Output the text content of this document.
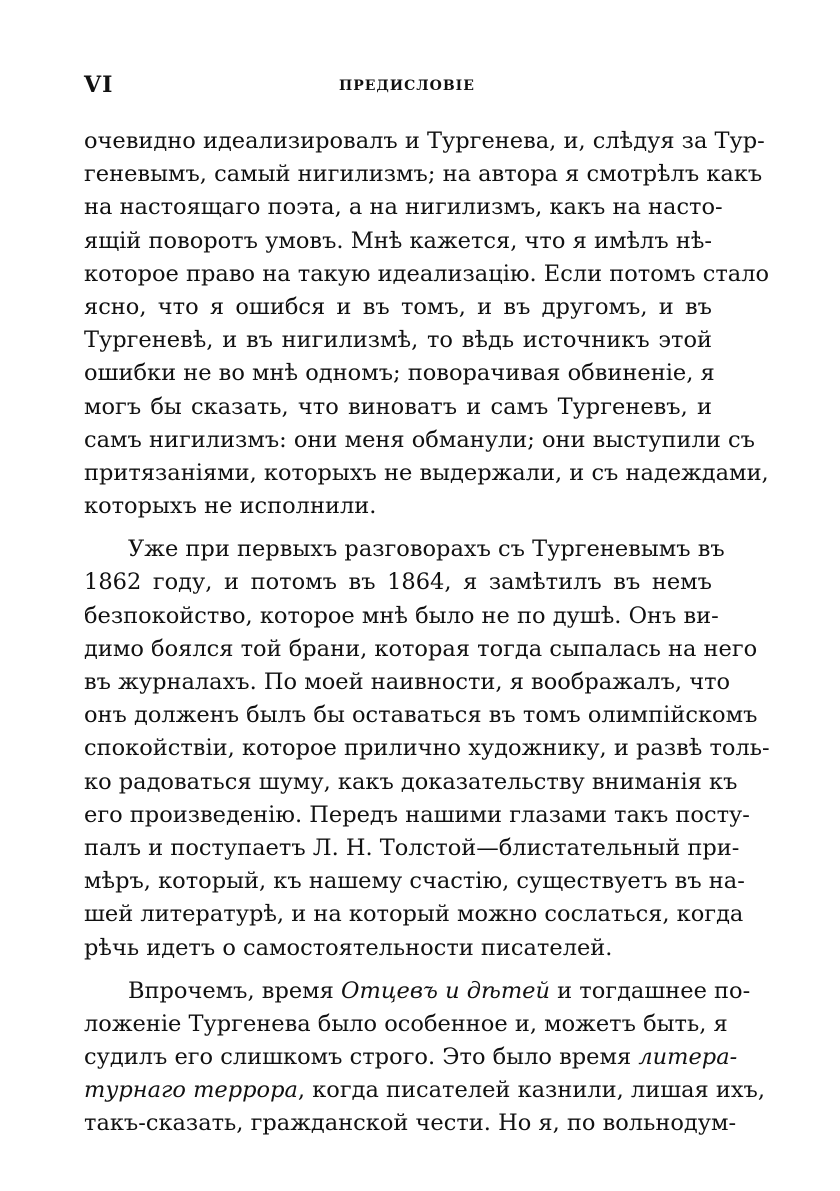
VI	ПРЕДИСЛОВІЕ
очевидно идеализировалъ и Тургенева, и, слѣдуя за Тур-
геневымъ, самый нигилизмъ; на автора я смотрѣлъ какъ
на настоящаго поэта, а на нигилизмъ, какъ на насто-
ящій поворотъ умовъ. Мнѣ кажется, что я имѣлъ нѣ-
которое право на такую идеализацію. Если потомъ стало
ясно, что я ошибся и въ томъ, и въ другомъ, и въ
Тургеневѣ, и въ нигилизмѣ, то вѣдь источникъ этой
ошибки не во мнѣ одномъ; поворачивая обвиненіе, я
могъ бы сказать, что виноватъ и самъ Тургеневъ, и
самъ нигилизмъ: они меня обманули; они выступили съ
притязаніями, которыхъ не выдержали, и съ надеждами,
которыхъ не исполнили.
Уже при первыхъ разговорахъ съ Тургеневымъ въ
1862 году, и потомъ въ 1864, я замѣтилъ въ немъ
безпокойство, которое мнѣ было не по душѣ. Онъ ви-
димо боялся той брани, которая тогда сыпалась на него
въ журналахъ. По моей наивности, я воображалъ, что
онъ долженъ былъ бы оставаться въ томъ олимпійскомъ
спокойствіи, которое прилично художнику, и развѣ толь-
ко радоваться шуму, какъ доказательству вниманія къ
его произведенію. Передъ нашими глазами такъ посту-
палъ и поступаетъ Л. Н. Толстой—блистательный при-
мѣръ, который, къ нашему счастію, существуетъ въ на-
шей литературѣ, и на который можно сослаться, когда
рѣчь идетъ о самостоятельности писателей.
Впрочемъ, время Отцевъ и дѣтей и тогдашнее по-
ложеніе Тургенева было особенное и, можетъ быть, я
судилъ его слишкомъ строго. Это было время литера-
турнаго террора, когда писателей казнили, лишая ихъ,
такъ-сказать, гражданской чести. Но я, по вольнодум-
